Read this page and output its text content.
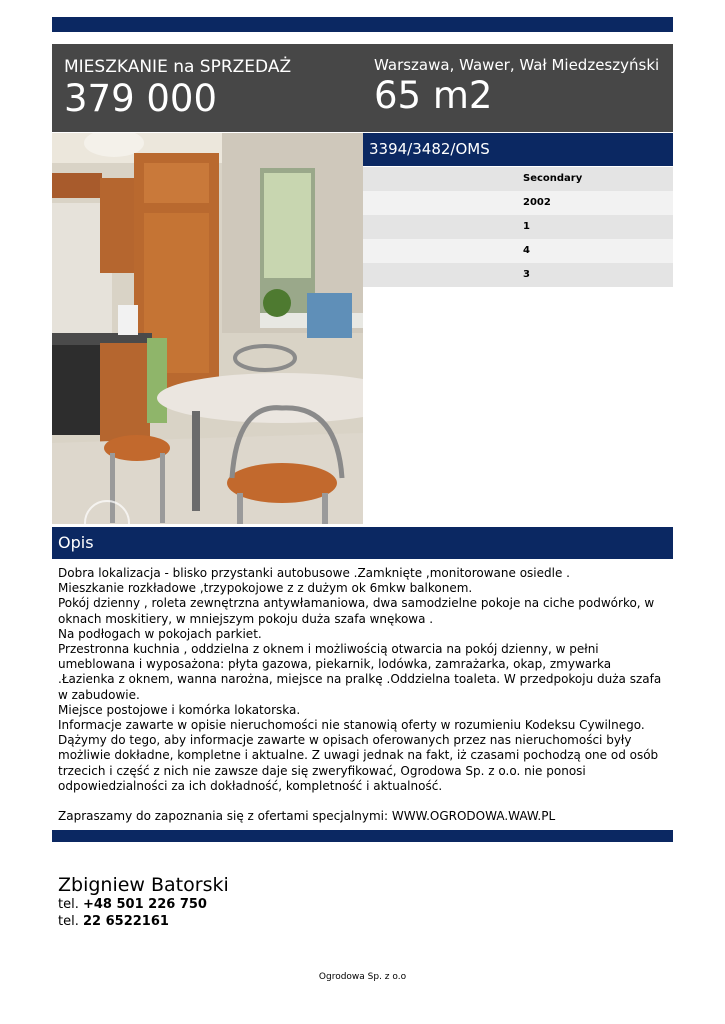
MIESZKANIE na SPRZEDAŻ
379 000
Warszawa, Wawer, Wał Miedzeszyński
65 m2
3394/3482/OMS
Secondary
2002
1
4
3
Opis

Dobra lokalizacja - blisko przystanki autobusowe .Zamknięte ,monitorowane osiedle .

Mieszkanie rozkładowe ,trzypokojowe z z dużym ok 6mkw balkonem.

Pokój dzienny , roleta zewnętrzna antywłamaniowa, dwa samodzielne pokoje na ciche podwórko, w oknach moskitiery, w mniejszym pokoju duża szafa wnękowa .

Na podłogach w pokojach parkiet.

Przestronna kuchnia , oddzielna z oknem i możliwością otwarcia na pokój dzienny, w pełni umeblowana i wyposażona: płyta gazowa, piekarnik, lodówka, zamrażarka, okap, zmywarka .Łazienka z oknem, wanna narożna, miejsce na pralkę .Oddzielna toaleta. W przedpokoju duża szafa w zabudowie.

Miejsce postojowe i komórka lokatorska.

Informacje zawarte w opisie nieruchomości nie stanowią oferty w rozumieniu Kodeksu Cywilnego. Dążymy do tego, aby informacje zawarte w opisach oferowanych przez nas nieruchomości były możliwie dokładne, kompletne i aktualne. Z uwagi jednak na fakt, iż czasami pochodzą one od osób trzecich i część z nich nie zawsze daje się zweryfikować, Ogrodowa Sp. z o.o. nie ponosi odpowiedzialności za ich dokładność, kompletność i aktualność.

Zapraszamy do zapoznania się z ofertami specjalnymi: WWW.OGRODOWA.WAW.PL

Zbigniew Batorski
tel. +48 501 226 750
tel. 22 6522161
Ogrodowa Sp. z o.o
